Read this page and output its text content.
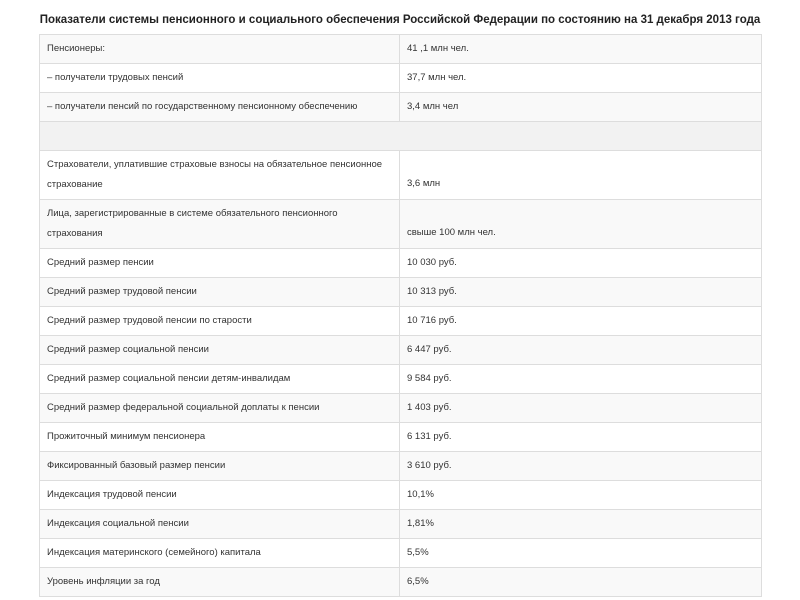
Показатели системы пенсионного и социального обеспечения Российской Федерации по состоянию на 31 декабря 2013 года
Пенсионеры:	41 ,1 млн чел.
– получатели трудовых пенсий	37,7 млн чел.
– получатели пенсий по государственному пенсионному обеспечению	3,4 млн чел

Страхователи, уплатившие страховые взносы на обязательное пенсионное страхование	3,6 млн
Лица, зарегистрированные в системе обязательного пенсионного страхования	свыше 100 млн чел.
Средний размер пенсии	10 030 руб.
Средний размер трудовой пенсии	10 313 руб.
Средний размер трудовой пенсии по старости	10 716 руб.
Средний размер социальной пенсии	6 447 руб.
Средний размер социальной пенсии детям-инвалидам	9 584 руб.
Средний размер федеральной социальной доплаты к пенсии	1 403 руб.
Прожиточный минимум пенсионера	6 131 руб.
Фиксированный базовый размер пенсии	3 610 руб.
Индексация трудовой пенсии	10,1%
Индексация социальной пенсии	1,81%
Индексация материнского (семейного) капитала	5,5%
Уровень инфляции за год	6,5%
